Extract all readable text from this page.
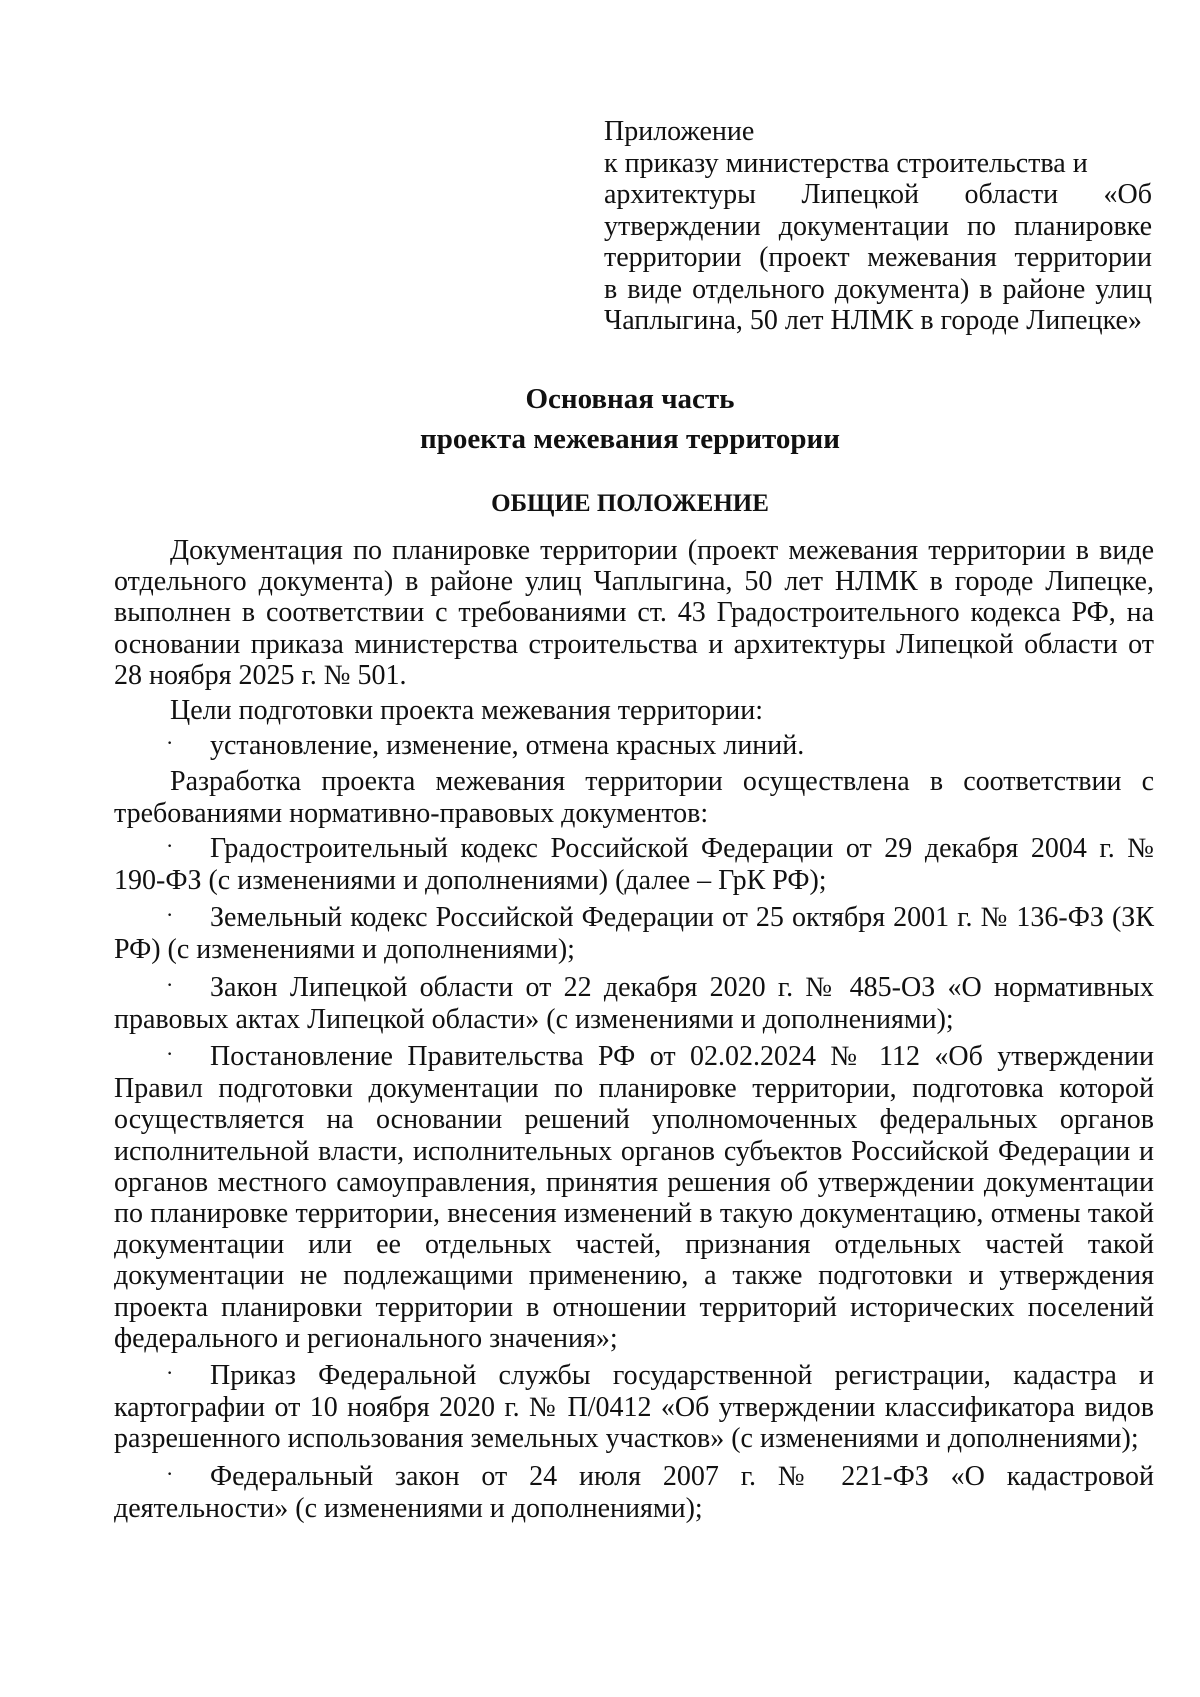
Приложение
к приказу министерства строительства и
архитектуры Липецкой области «Об
утверждении документации по планировке
территории (проект межевания территории
в виде отдельного документа) в районе улиц
Чаплыгина, 50 лет НЛМК в городе Липецке»
Основная часть
проекта межевания территории
ОБЩИЕ ПОЛОЖЕНИЕ

Документация по планировке территории (проект межевания территории в виде отдельного документа) в районе улиц Чаплыгина, 50 лет НЛМК в городе Липецке, выполнен в соответствии с требованиями ст. 43 Градостроительного кодекса РФ, на основании приказа министерства строительства и архитектуры Липецкой области от 28 ноября 2025 г. № 501.

Цели подготовки проекта межевания территории:

· установление, изменение, отмена красных линий.

Разработка проекта межевания территории осуществлена в соответствии с требованиями нормативно-правовых документов:

· Градостроительный кодекс Российской Федерации от 29 декабря 2004 г. № 190-ФЗ (с изменениями и дополнениями) (далее – ГрК РФ);

· Земельный кодекс Российской Федерации от 25 октября 2001 г. № 136-ФЗ (ЗК РФ) (с изменениями и дополнениями);

· Закон Липецкой области от 22 декабря 2020 г. № 485-ОЗ «О нормативных правовых актах Липецкой области» (с изменениями и дополнениями);

· Постановление Правительства РФ от 02.02.2024 № 112 «Об утверждении Правил подготовки документации по планировке территории, подготовка которой осуществляется на основании решений уполномоченных федеральных органов исполнительной власти, исполнительных органов субъектов Российской Федерации и органов местного самоуправления, принятия решения об утверждении документации по планировке территории, внесения изменений в такую документацию, отмены такой документации или ее отдельных частей, признания отдельных частей такой документации не подлежащими применению, а также подготовки и утверждения проекта планировки территории в отношении территорий исторических поселений федерального и регионального значения»;

· Приказ Федеральной службы государственной регистрации, кадастра и картографии от 10 ноября 2020 г. № П/0412 «Об утверждении классификатора видов разрешенного использования земельных участков» (с изменениями и дополнениями);

· Федеральный закон от 24 июля 2007 г. № 221-ФЗ «О кадастровой деятельности» (с изменениями и дополнениями);
